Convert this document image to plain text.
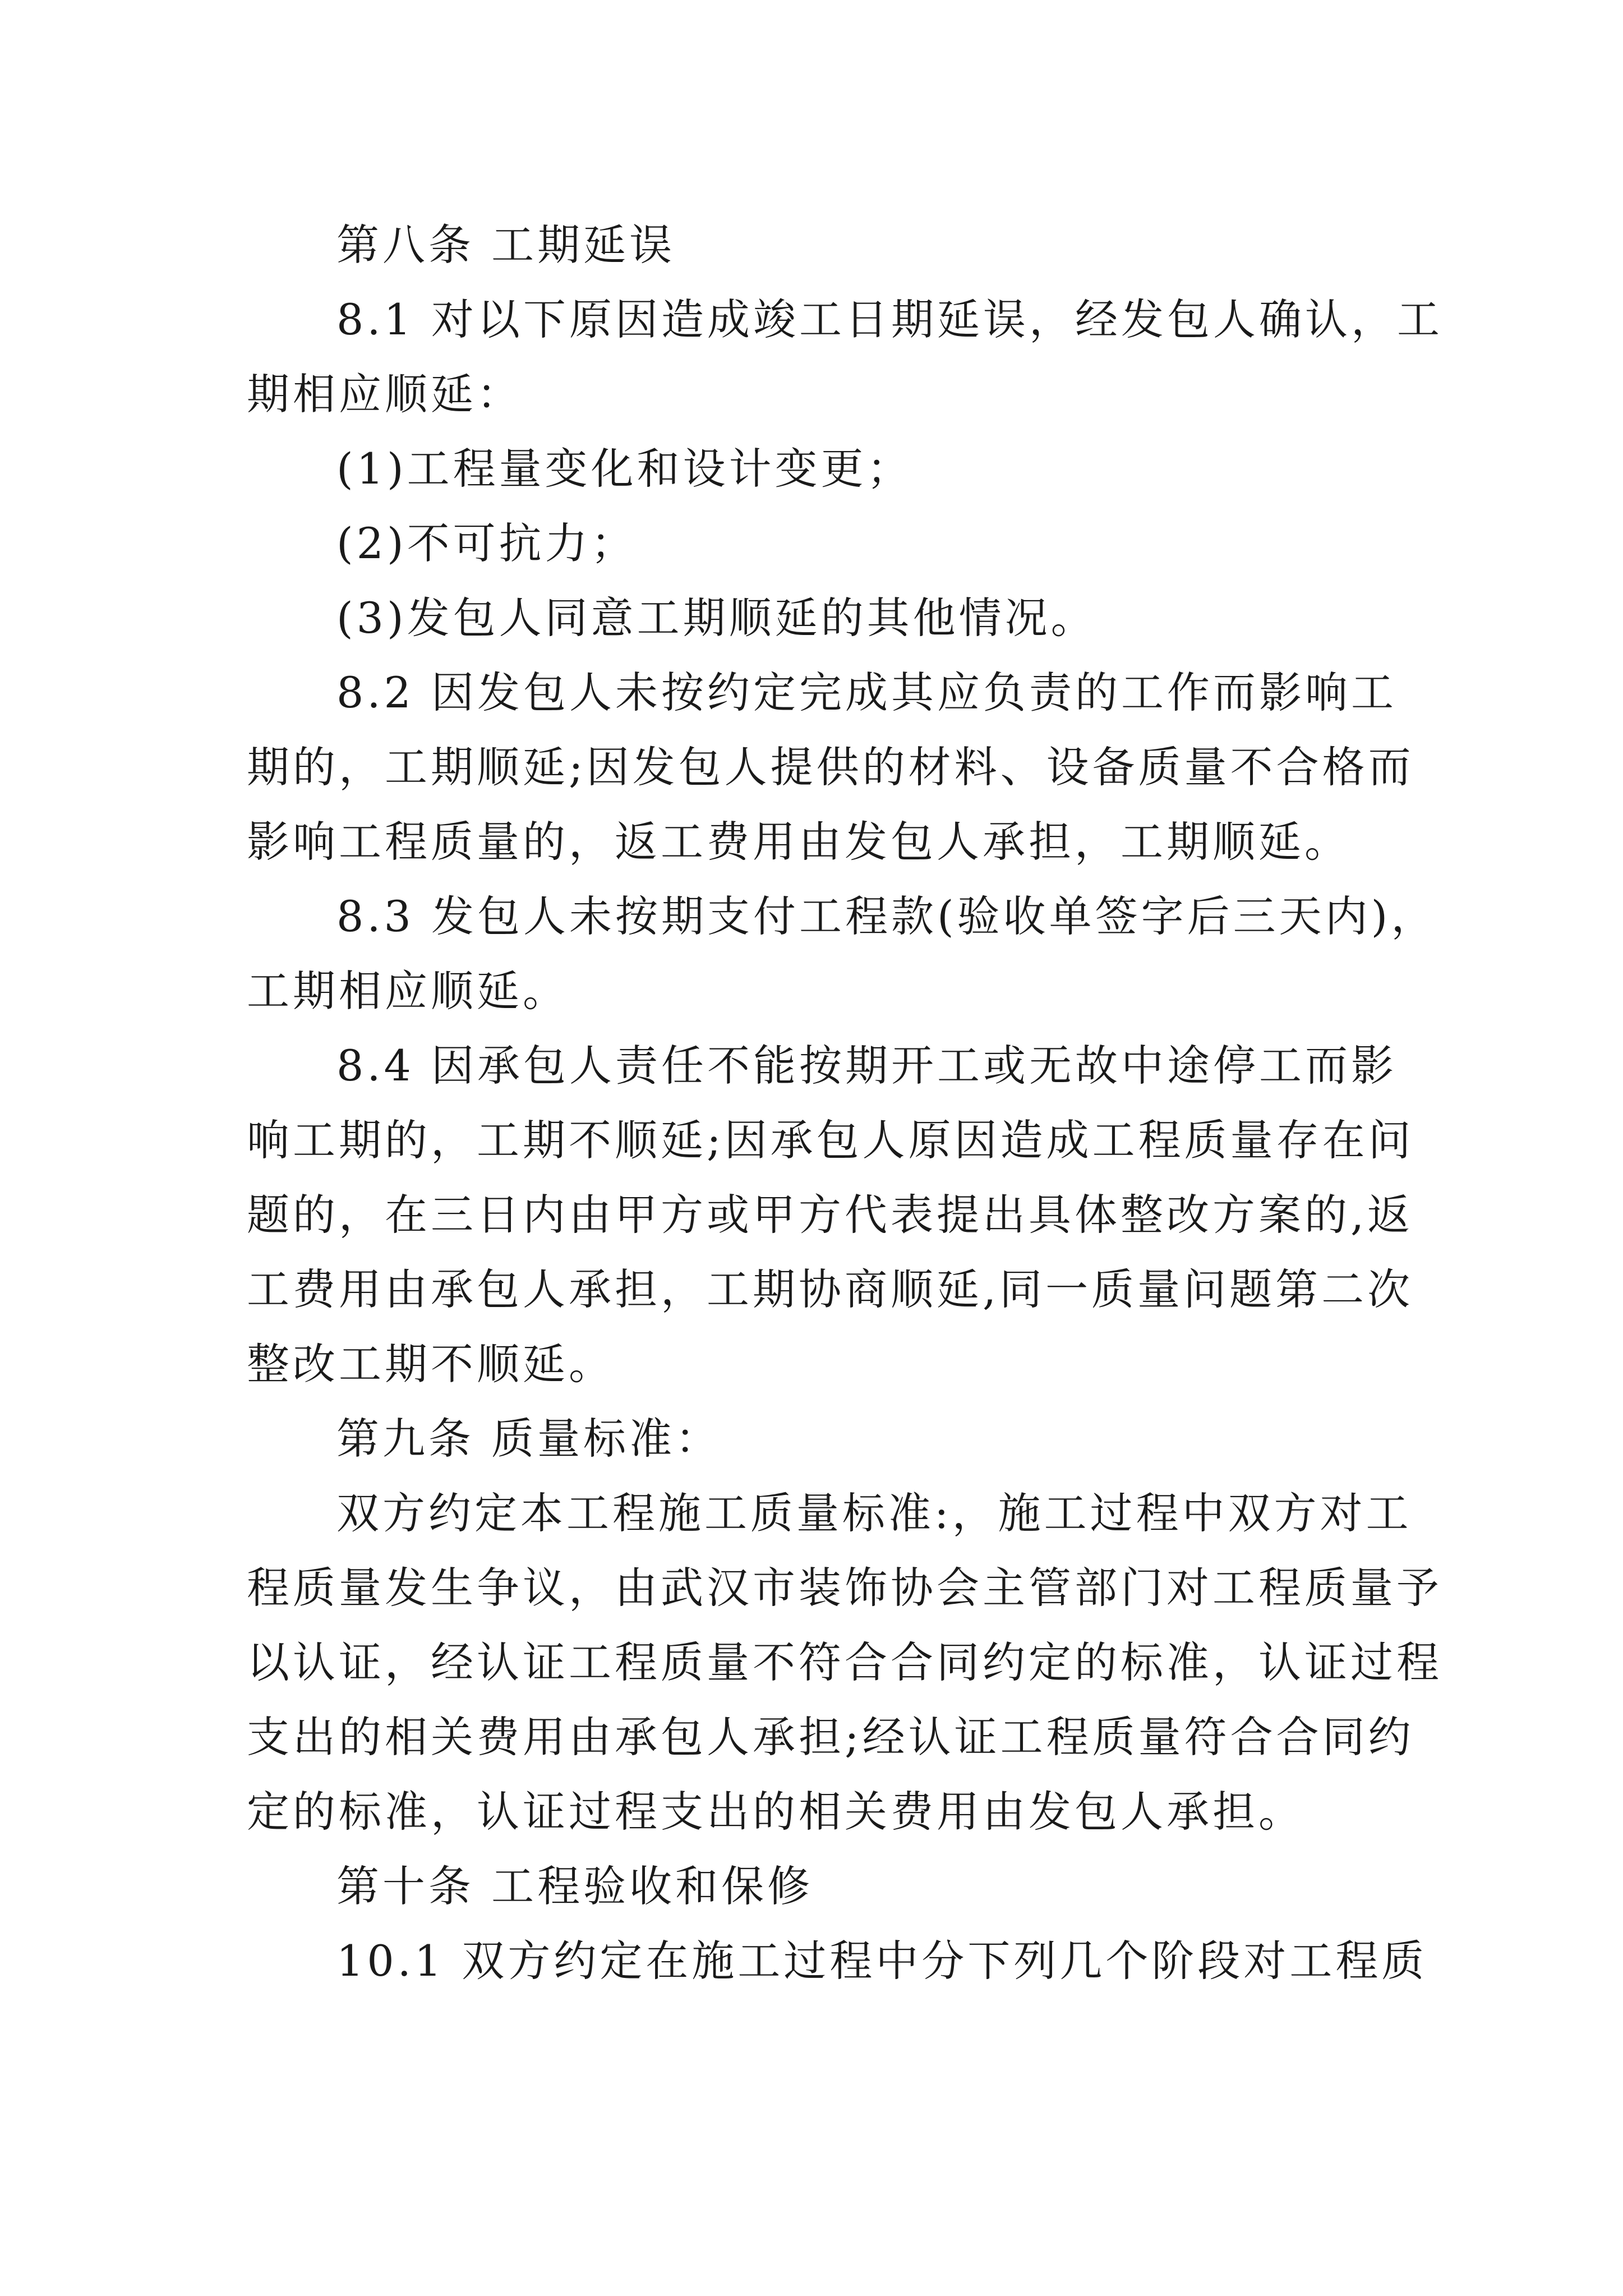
第八条 工期延误
8.1 对以下原因造成竣工日期延误，经发包人确认，工
期相应顺延：
(1)工程量变化和设计变更；
(2)不可抗力；
(3)发包人同意工期顺延的其他情况。
8.2 因发包人未按约定完成其应负责的工作而影响工
期的，工期顺延;因发包人提供的材料、设备质量不合格而
影响工程质量的，返工费用由发包人承担，工期顺延。
8.3 发包人未按期支付工程款(验收单签字后三天内)，
工期相应顺延。
8.4 因承包人责任不能按期开工或无故中途停工而影
响工期的，工期不顺延;因承包人原因造成工程质量存在问
题的，在三日内由甲方或甲方代表提出具体整改方案的,返
工费用由承包人承担，工期协商顺延,同一质量问题第二次
整改工期不顺延。
第九条 质量标准：
双方约定本工程施工质量标准:，施工过程中双方对工
程质量发生争议，由武汉市装饰协会主管部门对工程质量予
以认证，经认证工程质量不符合合同约定的标准，认证过程
支出的相关费用由承包人承担;经认证工程质量符合合同约
定的标准，认证过程支出的相关费用由发包人承担。
第十条 工程验收和保修
10.1 双方约定在施工过程中分下列几个阶段对工程质
